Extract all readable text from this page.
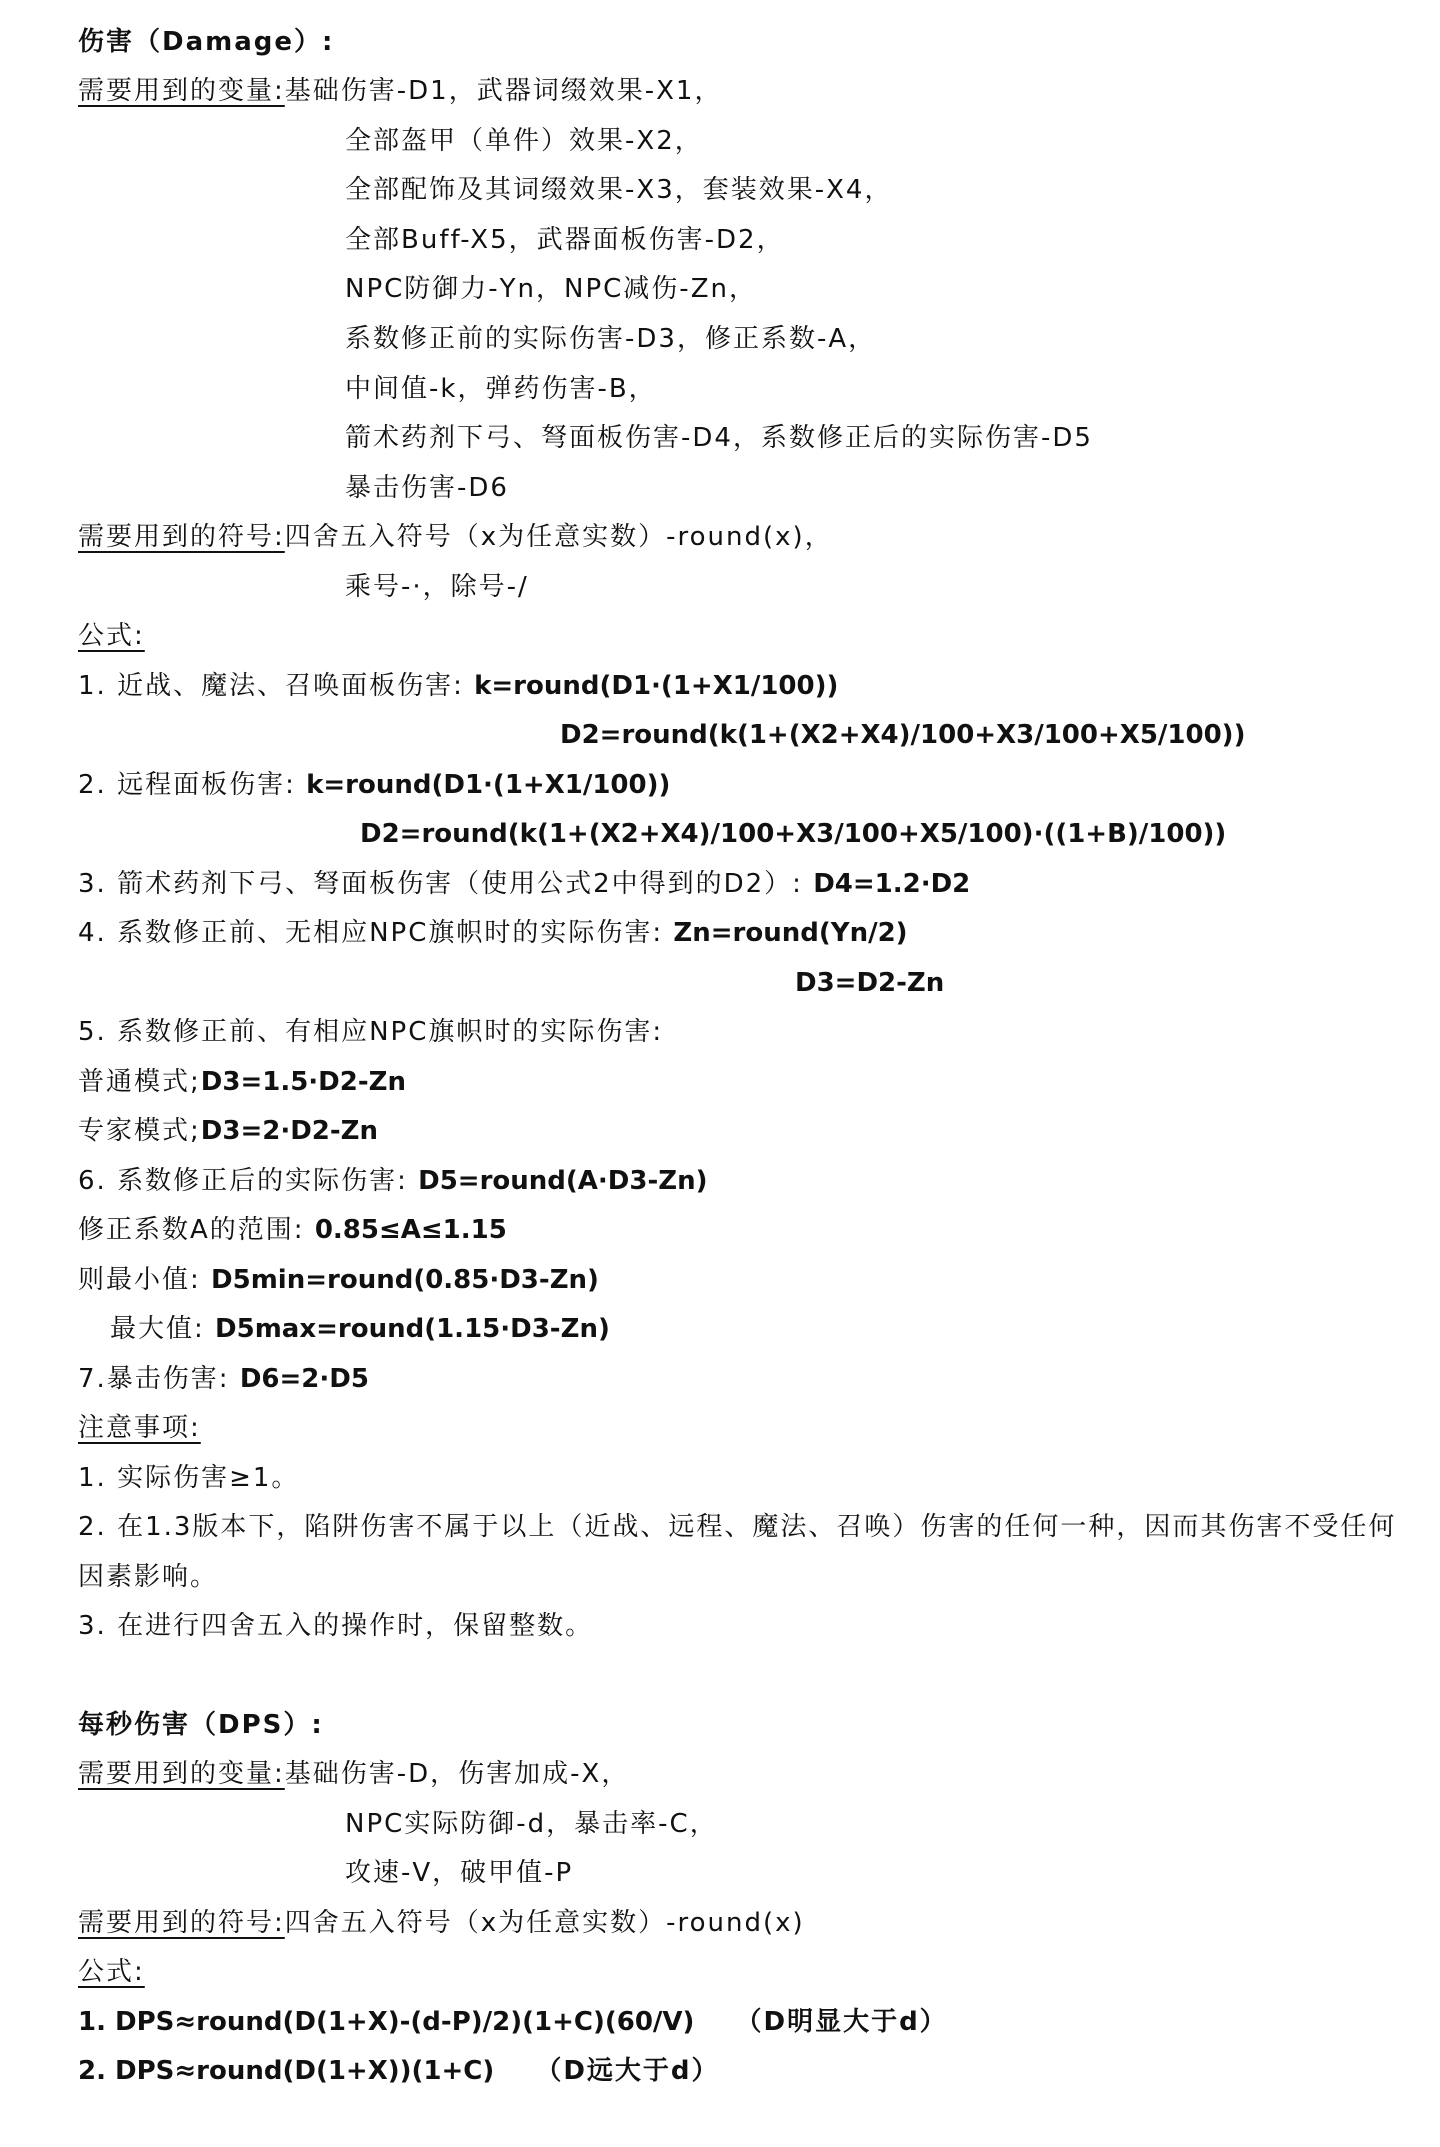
伤害（Damage）:

需要用到的变量:基础伤害-D1，武器词缀效果-X1，

全部盔甲（单件）效果-X2，

全部配饰及其词缀效果-X3，套装效果-X4，

全部Buff-X5，武器面板伤害-D2，

NPC防御力-Yn，NPC减伤-Zn，

系数修正前的实际伤害-D3，修正系数-A，

中间值-k，弹药伤害-B，

箭术药剂下弓、弩面板伤害-D4，系数修正后的实际伤害-D5

暴击伤害-D6

需要用到的符号:四舍五入符号（x为任意实数）-round(x)，

乘号-·，除号-/

公式:

1. 近战、魔法、召唤面板伤害: k=round(D1·(1+X1/100))

D2=round(k(1+(X2+X4)/100+X3/100+X5/100))

2. 远程面板伤害: k=round(D1·(1+X1/100))

D2=round(k(1+(X2+X4)/100+X3/100+X5/100)·((1+B)/100))

3. 箭术药剂下弓、弩面板伤害（使用公式2中得到的D2）: D4=1.2·D2

4. 系数修正前、无相应NPC旗帜时的实际伤害: Zn=round(Yn/2)

D3=D2-Zn

5. 系数修正前、有相应NPC旗帜时的实际伤害:

普通模式;D3=1.5·D2-Zn

专家模式;D3=2·D2-Zn

6. 系数修正后的实际伤害: D5=round(A·D3-Zn)

修正系数A的范围: 0.85≤A≤1.15

则最小值: D5min=round(0.85·D3-Zn)

最大值: D5max=round(1.15·D3-Zn)

7.暴击伤害: D6=2·D5

注意事项:

1. 实际伤害≥1。

2. 在1.3版本下，陷阱伤害不属于以上（近战、远程、魔法、召唤）伤害的任何一种，因而其伤害不受任何因素影响。

3. 在进行四舍五入的操作时，保留整数。

每秒伤害（DPS）:

需要用到的变量:基础伤害-D，伤害加成-X，

NPC实际防御-d，暴击率-C，

攻速-V，破甲值-P

需要用到的符号:四舍五入符号（x为任意实数）-round(x)

公式:

1. DPS≈round(D(1+X)-(d-P)/2)(1+C)(60/V) （D明显大于d）

2. DPS≈round(D(1+X))(1+C) （D远大于d）
